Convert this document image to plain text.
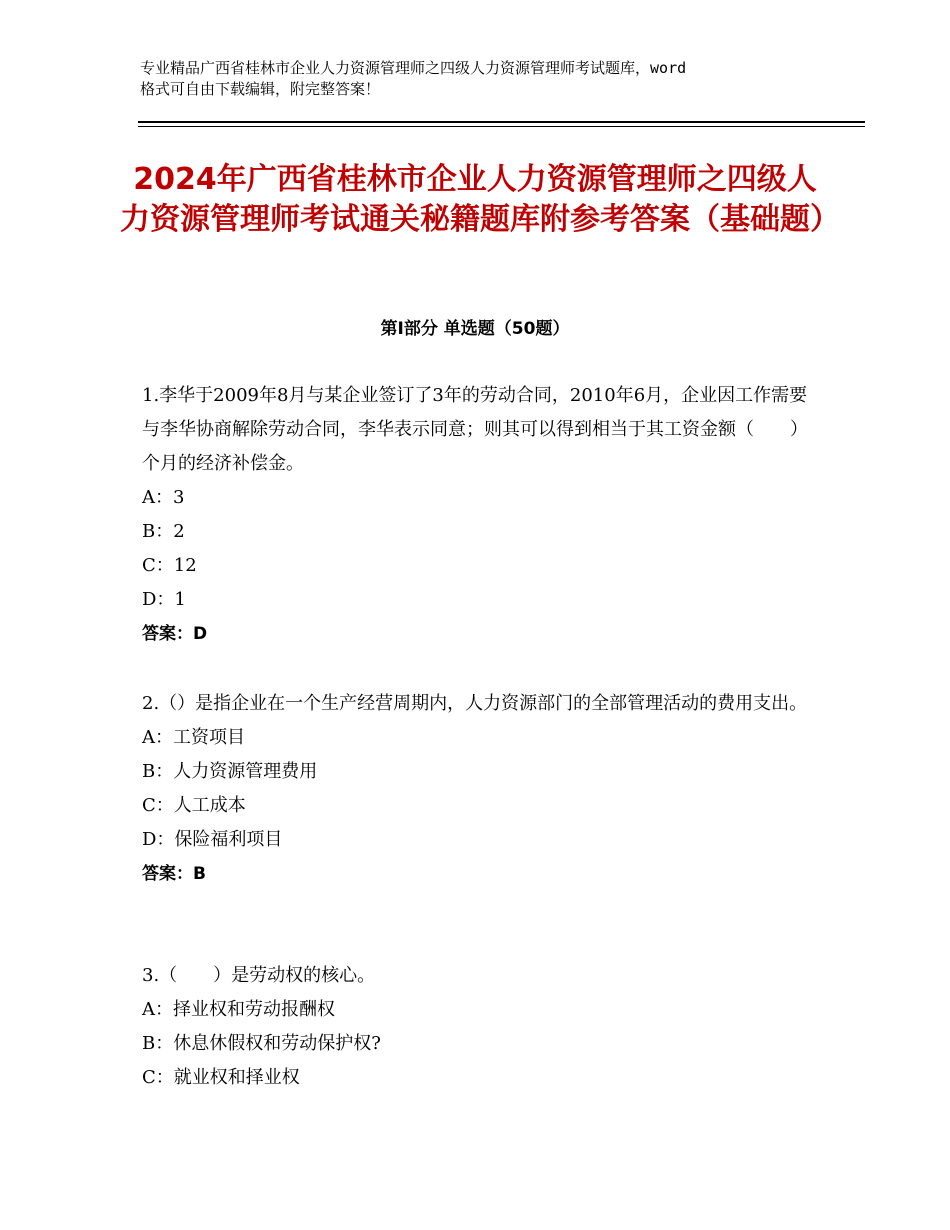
专业精品广西省桂林市企业人力资源管理师之四级人力资源管理师考试题库，word
格式可自由下载编辑，附完整答案！
2024年广西省桂林市企业人力资源管理师之四级人力资源管理师考试通关秘籍题库附参考答案（基础题）
第Ⅰ部分 单选题（50题）
1.李华于2009年8月与某企业签订了3年的劳动合同，2010年6月，企业因工作需要与李华协商解除劳动合同，李华表示同意；则其可以得到相当于其工资金额（　　）个月的经济补偿金。
A：3
B：2
C：12
D：1
答案：D
2.（）是指企业在一个生产经营周期内，人力资源部门的全部管理活动的费用支出。
A：工资项目
B：人力资源管理费用
C：人工成本
D：保险福利项目
答案：B
3.（　　）是劳动权的核心。
A：择业权和劳动报酬权
B：休息休假权和劳动保护权?
C：就业权和择业权
